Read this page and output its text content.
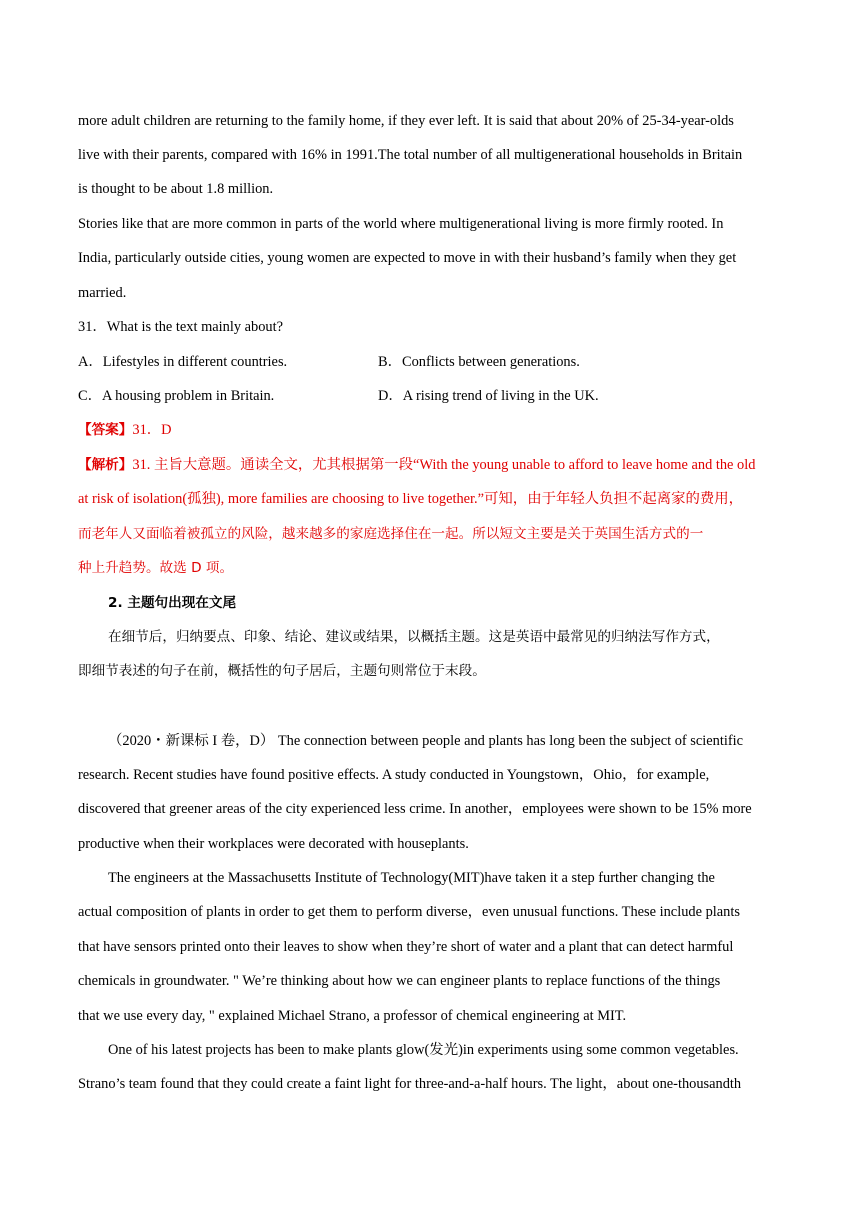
more adult children are returning to the family home, if they ever left. It is said that about 20% of 25-34-year-olds
live with their parents, compared with 16% in 1991.The total number of all multigenerational households in Britain
is thought to be about 1.8 million.
Stories like that are more common in parts of the world where multigenerational living is more firmly rooted. In
India, particularly outside cities, young women are expected to move in with their husband’s family when they get
married.
31．What is the text mainly about?
A．Lifestyles in different countries.	B．Conflicts between generations.
C．A housing problem in Britain.	D．A rising trend of living in the UK.
【答案】31．D
【解析】31. 主旨大意题。通读全文，尤其根据第一段“With the young unable to afford to leave home and the old
at risk of isolation(孤独), more families are choosing to live together.”可知，由于年轻人负担不起离家的费用，
而老年人又面临着被孤立的风险，越来越多的家庭选择住在一起。所以短文主要是关于英国生活方式的一
种上升趋势。故选 D 项。
2. 主题句出现在文尾
在细节后，归纳要点、印象、结论、建议或结果，以概括主题。这是英语中最常见的归纳法写作方式，
即细节表述的句子在前，概括性的句子居后，主题句则常位于末段。
（2020・新课标 I 卷，D） The connection between people and plants has long been the subject of scientific
research. Recent studies have found positive effects. A study conducted in Youngstown，Ohio，for example,
discovered that greener areas of the city experienced less crime. In another，employees were shown to be 15% more
productive when their workplaces were decorated with houseplants.
The engineers at the Massachusetts Institute of Technology(MIT)have taken it a step further changing the
actual composition of plants in order to get them to perform diverse，even unusual functions. These include plants
that have sensors printed onto their leaves to show when they’re short of water and a plant that can detect harmful
chemicals in groundwater. " We’re thinking about how we can engineer plants to replace functions of the things
that we use every day, " explained Michael Strano, a professor of chemical engineering at MIT.
One of his latest projects has been to make plants glow(发光)in experiments using some common vegetables.
Strano’s team found that they could create a faint light for three-and-a-half hours. The light，about one-thousandth
